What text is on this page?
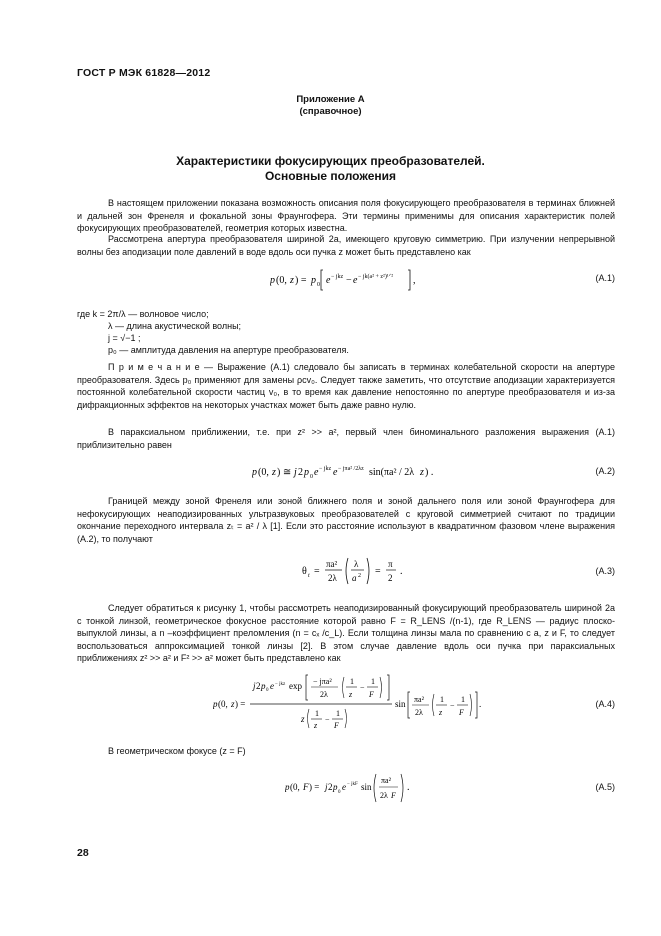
ГОСТ Р МЭК 61828—2012
Приложение А
(справочное)
Характеристики фокусирующих преобразователей.
Основные положения
В настоящем приложении показана возможность описания поля фокусирующего преобразователя в терминах ближней и дальней зон Френеля и фокальной зоны Фраунгофера. Эти термины применимы для описания характеристик полей фокусирующих преобразователей, геометрия которых известна.
Рассмотрена апертура преобразователя шириной 2a, имеющего круговую симметрию. При излучении непрерывной волны без аподизации поле давлений в воде вдоль оси пучка z может быть представлено как
p (0, z ) = p 0 e − jkz − e − jk(a² + z²)¹ᐟ² ,	(A.1)
где k = 2π/λ — волновое число;
λ — длина акустической волны;
j = √−1 ;
p₀ — амплитуда давления на апертуре преобразователя.
П р и м е ч а н и е — Выражение (A.1) следовало бы записать в терминах колебательной скорости на апертуре преобразователя. Здесь p₀ применяют для замены ρcv₀. Следует также заметить, что отсутствие аподизации характеризуется постоянной колебательной скорости частиц v₀, в то время как давление непостоянно по апертуре преобразователя и из-за дифракционных эффектов на некоторых участках может быть даже равно нулю.
В параксиальном приближении, т.е. при z² >> a², первый член биноминального разложения выражения (A.1) приблизительно равен
p (0, z ) ≅ j 2 p 0 e − jkz e − jπa² /2λz sin(πa² / 2λ z ) .	(A.2)
Границей между зоной Френеля или зоной ближнего поля и зоной дальнего поля или зоной Фраунгофера для нефокусирующих неаподизированных ультразвуковых преобразователей с круговой симметрией считают по традиции окончание переходного интервала zₜ = a² / λ [1]. Если это расстояние используют в квадратичном фазовом члене выражения (A.2), то получают
θ t =
πa²
2λ
λ
a 2 =
π
2
.	(A.3)
Следует обратиться к рисунку 1, чтобы рассмотреть неаподизированный фокусирующий преобразователь шириной 2a с тонкой линзой, геометрическое фокусное расстояние которой равно F = R_LENS /(n-1), где R_LENS — радиус плоско-выпуклой линзы, а n –коэффициент преломления (n = cₓ /c_L). Если толщина линзы мала по сравнению с a, z и F, то следует воспользоваться аппроксимацией тонкой линзы [2]. В этом случае давление вдоль оси пучка при параксиальных приближениях z² >> a² и F² >> a² может быть представлено как
p (0, z ) =
j 2 p 0 e − jkz exp − jπa²
2λ
1
z
−
1
F
z
1
z
−
1
F
sin πa²
2λ
1
z
−
1
F
.	(A.4)
В геометрическом фокусе (z = F)
p (0, F ) = j 2 p
0
e − jkF sin
πa²
2λ F
.	(A.5)
28
